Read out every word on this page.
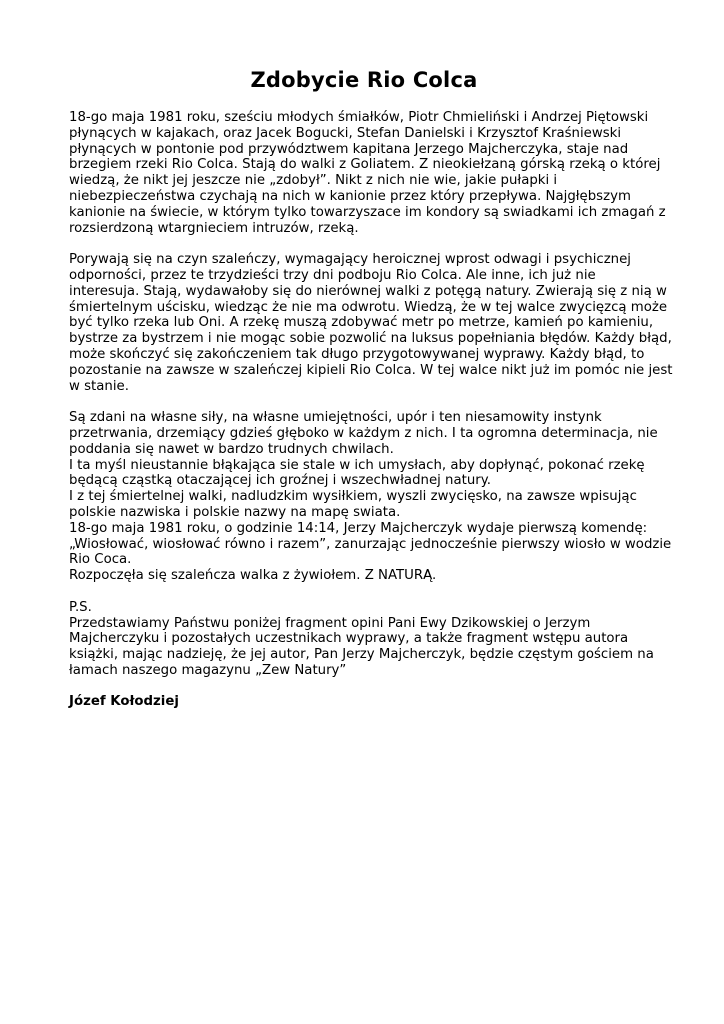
Zdobycie Rio Colca
18-go maja 1981 roku, sześciu młodych śmiałków, Piotr Chmieliński i Andrzej Piętowski
płynących w kajakach, oraz Jacek Bogucki, Stefan Danielski i Krzysztof Kraśniewski
płynących w pontonie pod przywództwem kapitana Jerzego Majcherczyka, staje nad
brzegiem rzeki Rio Colca. Stają do walki z Goliatem. Z nieokiełzaną górską rzeką o której
wiedzą, że nikt jej jeszcze nie „zdobył”. Nikt z nich nie wie, jakie pułapki i
niebezpieczeństwa czychają na nich w kanionie przez który przepływa. Najgłębszym
kanionie na świecie, w którym tylko towarzyszace im kondory są swiadkami ich zmagań z
rozsierdzoną wtargnieciem intruzów, rzeką.
Porywają się na czyn szaleńczy, wymagający heroicznej wprost odwagi i psychicznej
odporności, przez te trzydzieści trzy dni podboju Rio Colca. Ale inne, ich już nie
interesuja. Stają, wydawałoby się do nierównej walki z potęgą natury. Zwierają się z nią w
śmiertelnym uścisku, wiedząc że nie ma odwrotu. Wiedzą, że w tej walce zwycięzcą może
być tylko rzeka lub Oni. A rzekę muszą zdobywać metr po metrze, kamień po kamieniu,
bystrze za bystrzem i nie mogąc sobie pozwolić na luksus popełniania błędów. Każdy błąd,
może skończyć się zakończeniem tak długo przygotowywanej wyprawy. Każdy błąd, to
pozostanie na zawsze w szaleńczej kipieli Rio Colca. W tej walce nikt już im pomóc nie jest
w stanie.
Są zdani na własne siły, na własne umiejętności, upór i ten niesamowity instynk
przetrwania, drzemiący gdzieś głęboko w każdym z nich. I ta ogromna determinacja, nie
poddania się nawet w bardzo trudnych chwilach.
I ta myśl nieustannie błąkająca sie stale w ich umysłach, aby dopłynąć, pokonać rzekę
będącą cząstką otaczającej ich groźnej i wszechwładnej natury.
I z tej śmiertelnej walki, nadludzkim wysiłkiem, wyszli zwycięsko, na zawsze wpisując
polskie nazwiska i polskie nazwy na mapę swiata.
18-go maja 1981 roku, o godzinie 14:14, Jerzy Majcherczyk wydaje pierwszą komendę:
„Wiosłować, wiosłować równo i razem”, zanurzając jednocześnie pierwszy wiosło w wodzie
Rio Coca.
Rozpoczęła się szaleńcza walka z żywiołem. Z NATURĄ.
P.S.
Przedstawiamy Państwu poniżej fragment opini Pani Ewy Dzikowskiej o Jerzym
Majcherczyku i pozostałych uczestnikach wyprawy, a także fragment wstępu autora
książki, mając nadzieję, że jej autor, Pan Jerzy Majcherczyk, będzie częstym gościem na
łamach naszego magazynu „Zew Natury”
Józef Kołodziej
